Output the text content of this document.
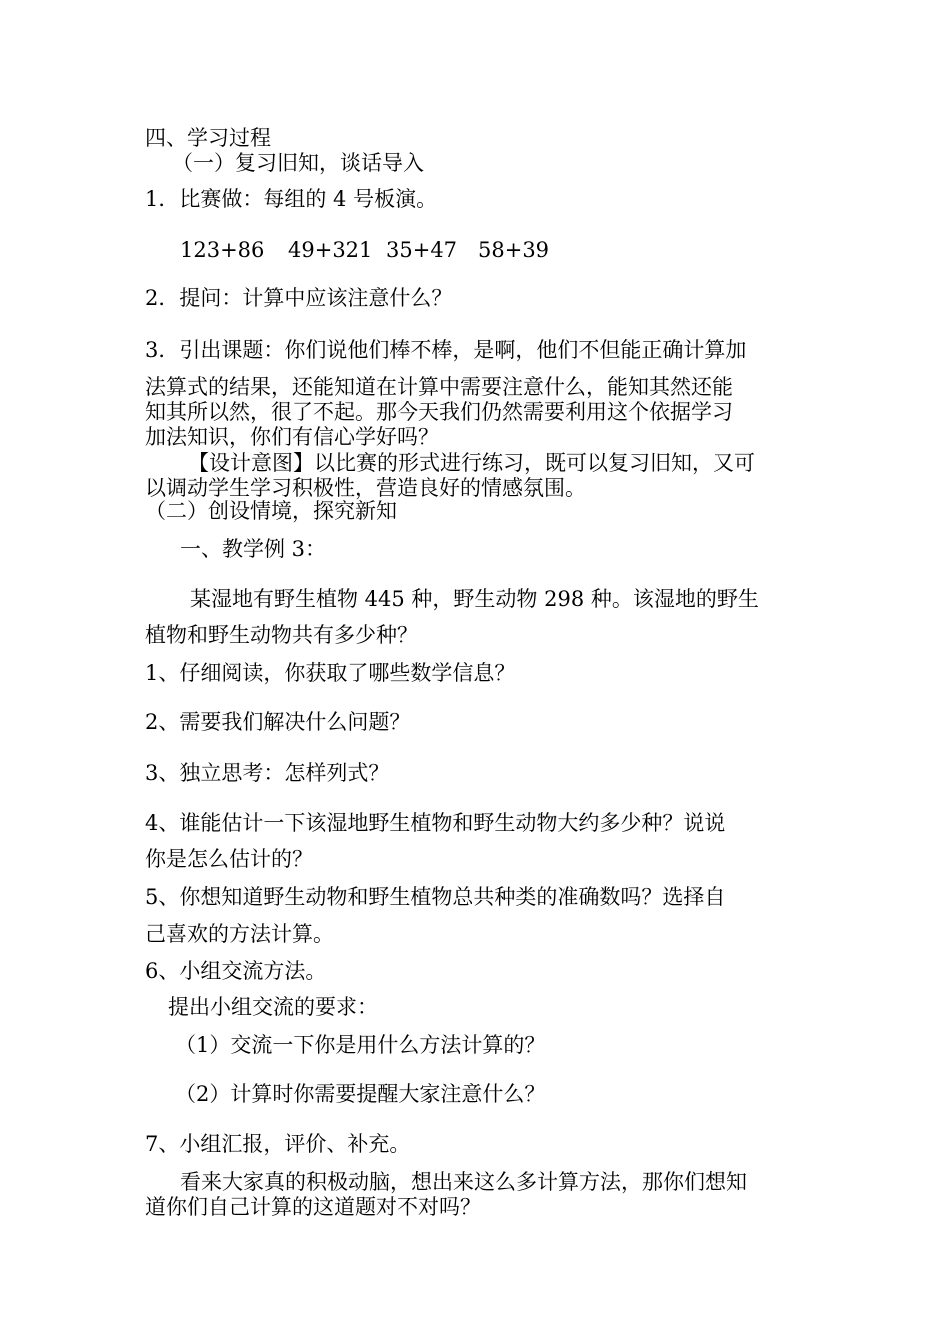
四、学习过程
（一）复习旧知，谈话导入
1．比赛做：每组的 4 号板演。
123+86 49+321 35+47 58+39
2．提问：计算中应该注意什么？
3．引出课题：你们说他们棒不棒，是啊，他们不但能正确计算加
法算式的结果，还能知道在计算中需要注意什么，能知其然还能
知其所以然，很了不起。那今天我们仍然需要利用这个依据学习
加法知识，你们有信心学好吗？
【设计意图】以比赛的形式进行练习，既可以复习旧知，又可
以调动学生学习积极性，营造良好的情感氛围。
（二）创设情境，探究新知
一、教学例 3：
某湿地有野生植物 445 种，野生动物 298 种。该湿地的野生
植物和野生动物共有多少种？
1、仔细阅读，你获取了哪些数学信息？
2、需要我们解决什么问题？
3、独立思考：怎样列式？
4、谁能估计一下该湿地野生植物和野生动物大约多少种？说说
你是怎么估计的？
5、你想知道野生动物和野生植物总共种类的准确数吗？选择自
己喜欢的方法计算。
6、小组交流方法。
提出小组交流的要求：
（1）交流一下你是用什么方法计算的？
（2）计算时你需要提醒大家注意什么？
7、小组汇报，评价、补充。
看来大家真的积极动脑，想出来这么多计算方法，那你们想知
道你们自己计算的这道题对不对吗？
